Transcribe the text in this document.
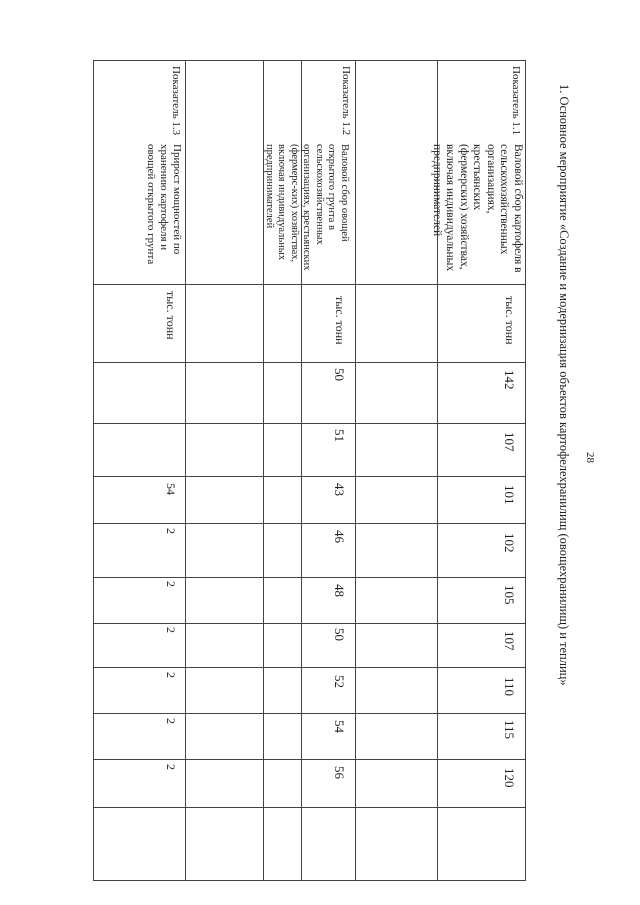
28
1. Основное мероприятие «Создание и модернизация объектов картофелехранилищ (овощехранилищ) и теплиц»
Показатель 1.1
Валовой сбор картофеля в сельскохозяйственных организациях, крестьянских (фермерских) хозяйствах, включая индивидуальных предпринимателей
тыс. тонн
142
107
101
102
105
107
110
115
120
Показатель 1.2
Валовой сбор овощей открытого грунта в сельскохозяйственных организациях, крестьянских (фермерс-ких) хозяйствах, включая индивидуальных предпринимателей
тыс. тонн
50
51
43
46
48
50
52
54
56
Показатель 1.3
Прирост мощностей по хранению картофеля и овощей открытого грунта
тыс. тонн
54
2
2
2
2
2
2
